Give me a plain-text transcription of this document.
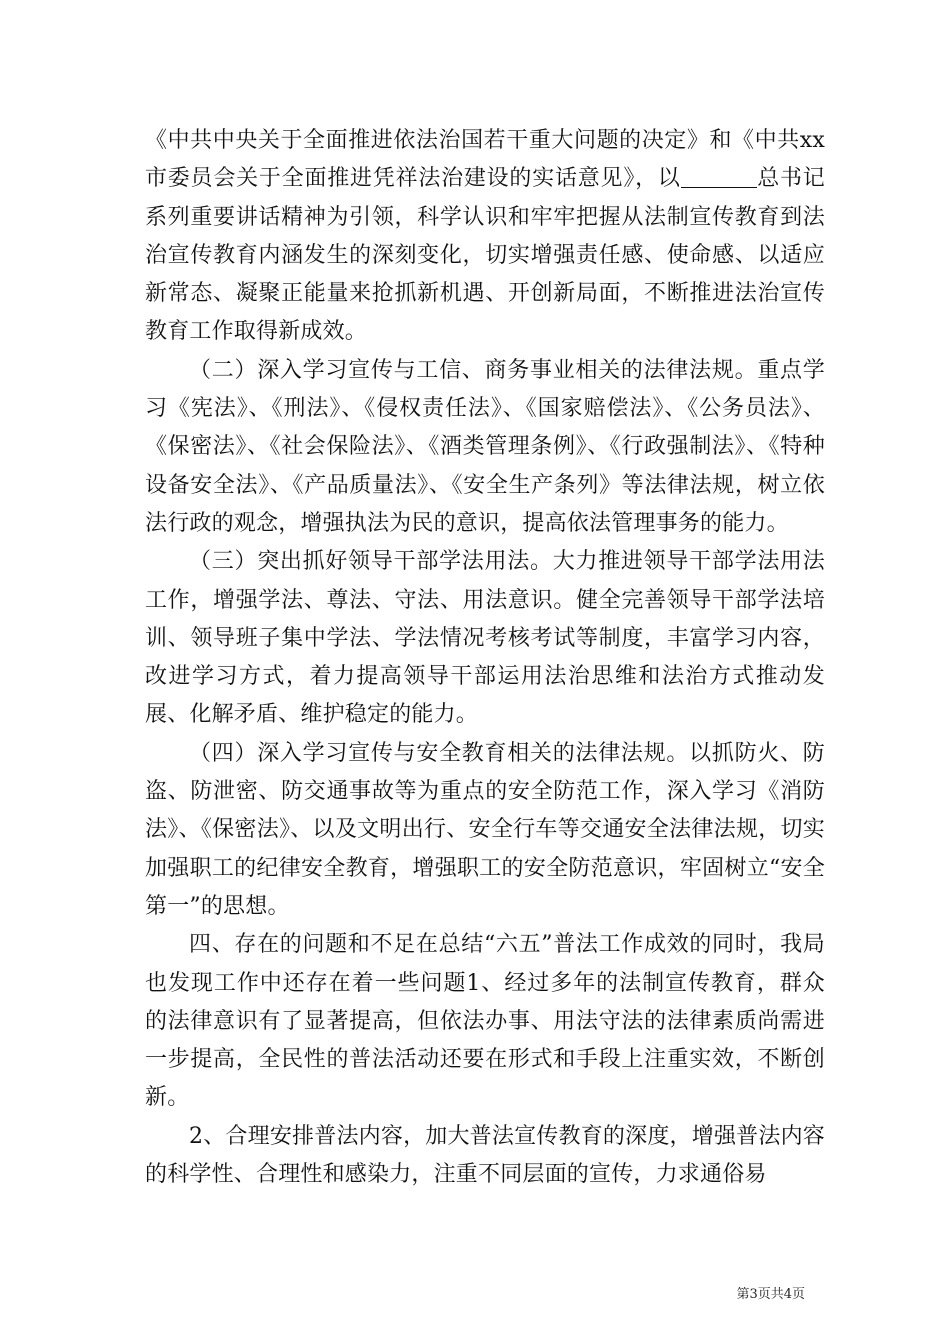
《中共中央关于全面推进依法治国若干重大问题的决定》和《中共xx市委员会关于全面推进凭祥法治建设的实话意见》，以	总书记系列重要讲话精神为引领，科学认识和牢牢把握从法制宣传教育到法治宣传教育内涵发生的深刻变化，切实增强责任感、使命感、以适应新常态、凝聚正能量来抢抓新机遇、开创新局面，不断推进法治宣传教育工作取得新成效。

（二）深入学习宣传与工信、商务事业相关的法律法规。重点学习《宪法》、《刑法》、《侵权责任法》、《国家赔偿法》、《公务员法》、《保密法》、《社会保险法》、《酒类管理条例》、《行政强制法》、《特种设备安全法》、《产品质量法》、《安全生产条列》等法律法规，树立依法行政的观念，增强执法为民的意识，提高依法管理事务的能力。

（三）突出抓好领导干部学法用法。大力推进领导干部学法用法工作，增强学法、尊法、守法、用法意识。健全完善领导干部学法培训、领导班子集中学法、学法情况考核考试等制度，丰富学习内容，改进学习方式，着力提高领导干部运用法治思维和法治方式推动发展、化解矛盾、维护稳定的能力。

（四）深入学习宣传与安全教育相关的法律法规。以抓防火、防盗、防泄密、防交通事故等为重点的安全防范工作，深入学习《消防法》、《保密法》、以及文明出行、安全行车等交通安全法律法规，切实加强职工的纪律安全教育，增强职工的安全防范意识，牢固树立“安全第一”的思想。

四、存在的问题和不足在总结“六五”普法工作成效的同时，我局也发现工作中还存在着一些问题1、经过多年的法制宣传教育，群众的法律意识有了显著提高，但依法办事、用法守法的法律素质尚需进一步提高，全民性的普法活动还要在形式和手段上注重实效，不断创新。

2、合理安排普法内容，加大普法宣传教育的深度，增强普法内容的科学性、合理性和感染力，注重不同层面的宣传，力求通俗易

第3页共4页
